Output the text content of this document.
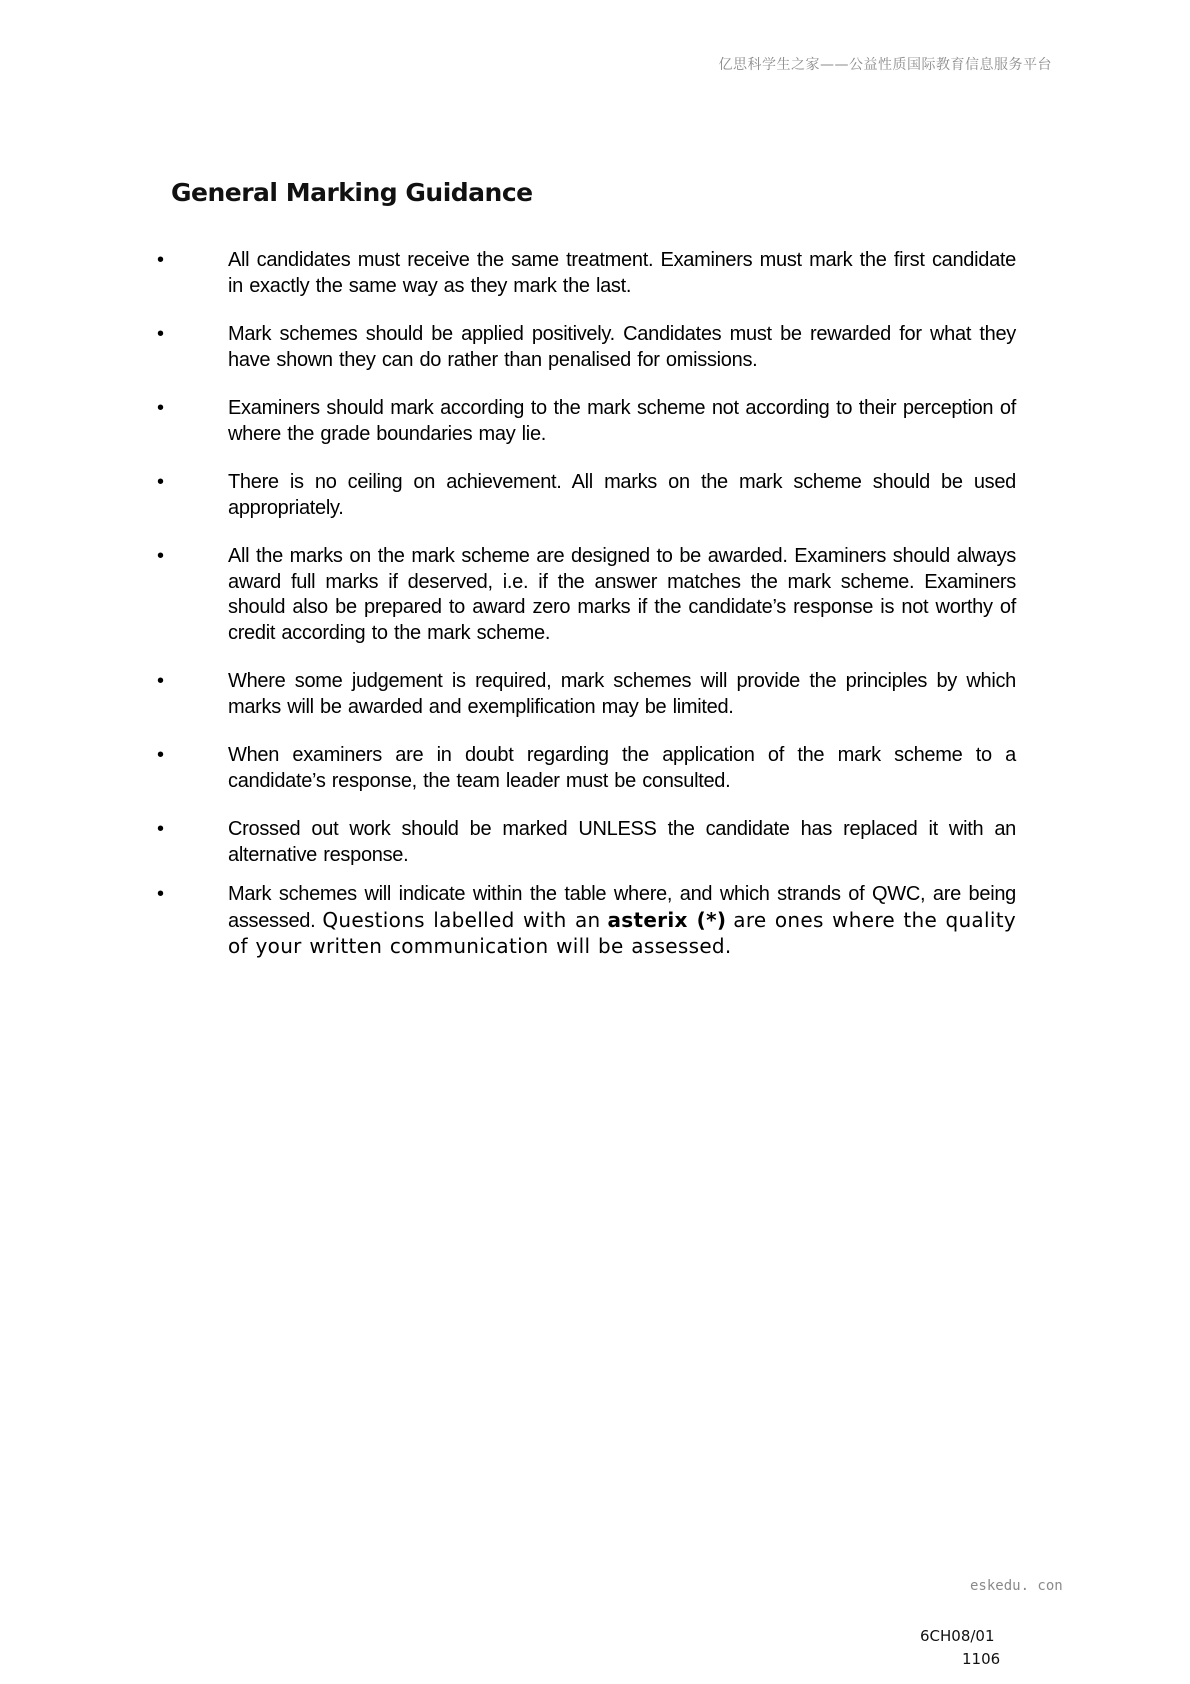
亿思科学生之家——公益性质国际教育信息服务平台
General Marking Guidance
•	All candidates must receive the same treatment. Examiners must mark the first candidate in exactly the same way as they mark the last.
•	Mark schemes should be applied positively. Candidates must be rewarded for what they have shown they can do rather than penalised for omissions.
•	Examiners should mark according to the mark scheme not according to their perception of where the grade boundaries may lie.
•	There is no ceiling on achievement. All marks on the mark scheme should be used appropriately.
•	All the marks on the mark scheme are designed to be awarded. Examiners should always award full marks if deserved, i.e. if the answer matches the mark scheme. Examiners should also be prepared to award zero marks if the candidate’s response is not worthy of credit according to the mark scheme.
•	Where some judgement is required, mark schemes will provide the principles by which marks will be awarded and exemplification may be limited.
•	When examiners are in doubt regarding the application of the mark scheme to a candidate’s response, the team leader must be consulted.
•	Crossed out work should be marked UNLESS the candidate has replaced it with an alternative response.
•	Mark schemes will indicate within the table where, and which strands of QWC, are being assessed. Questions labelled with an asterix (*) are ones where the quality of your written communication will be assessed.
eskedu. con
6CH08/01
1106
